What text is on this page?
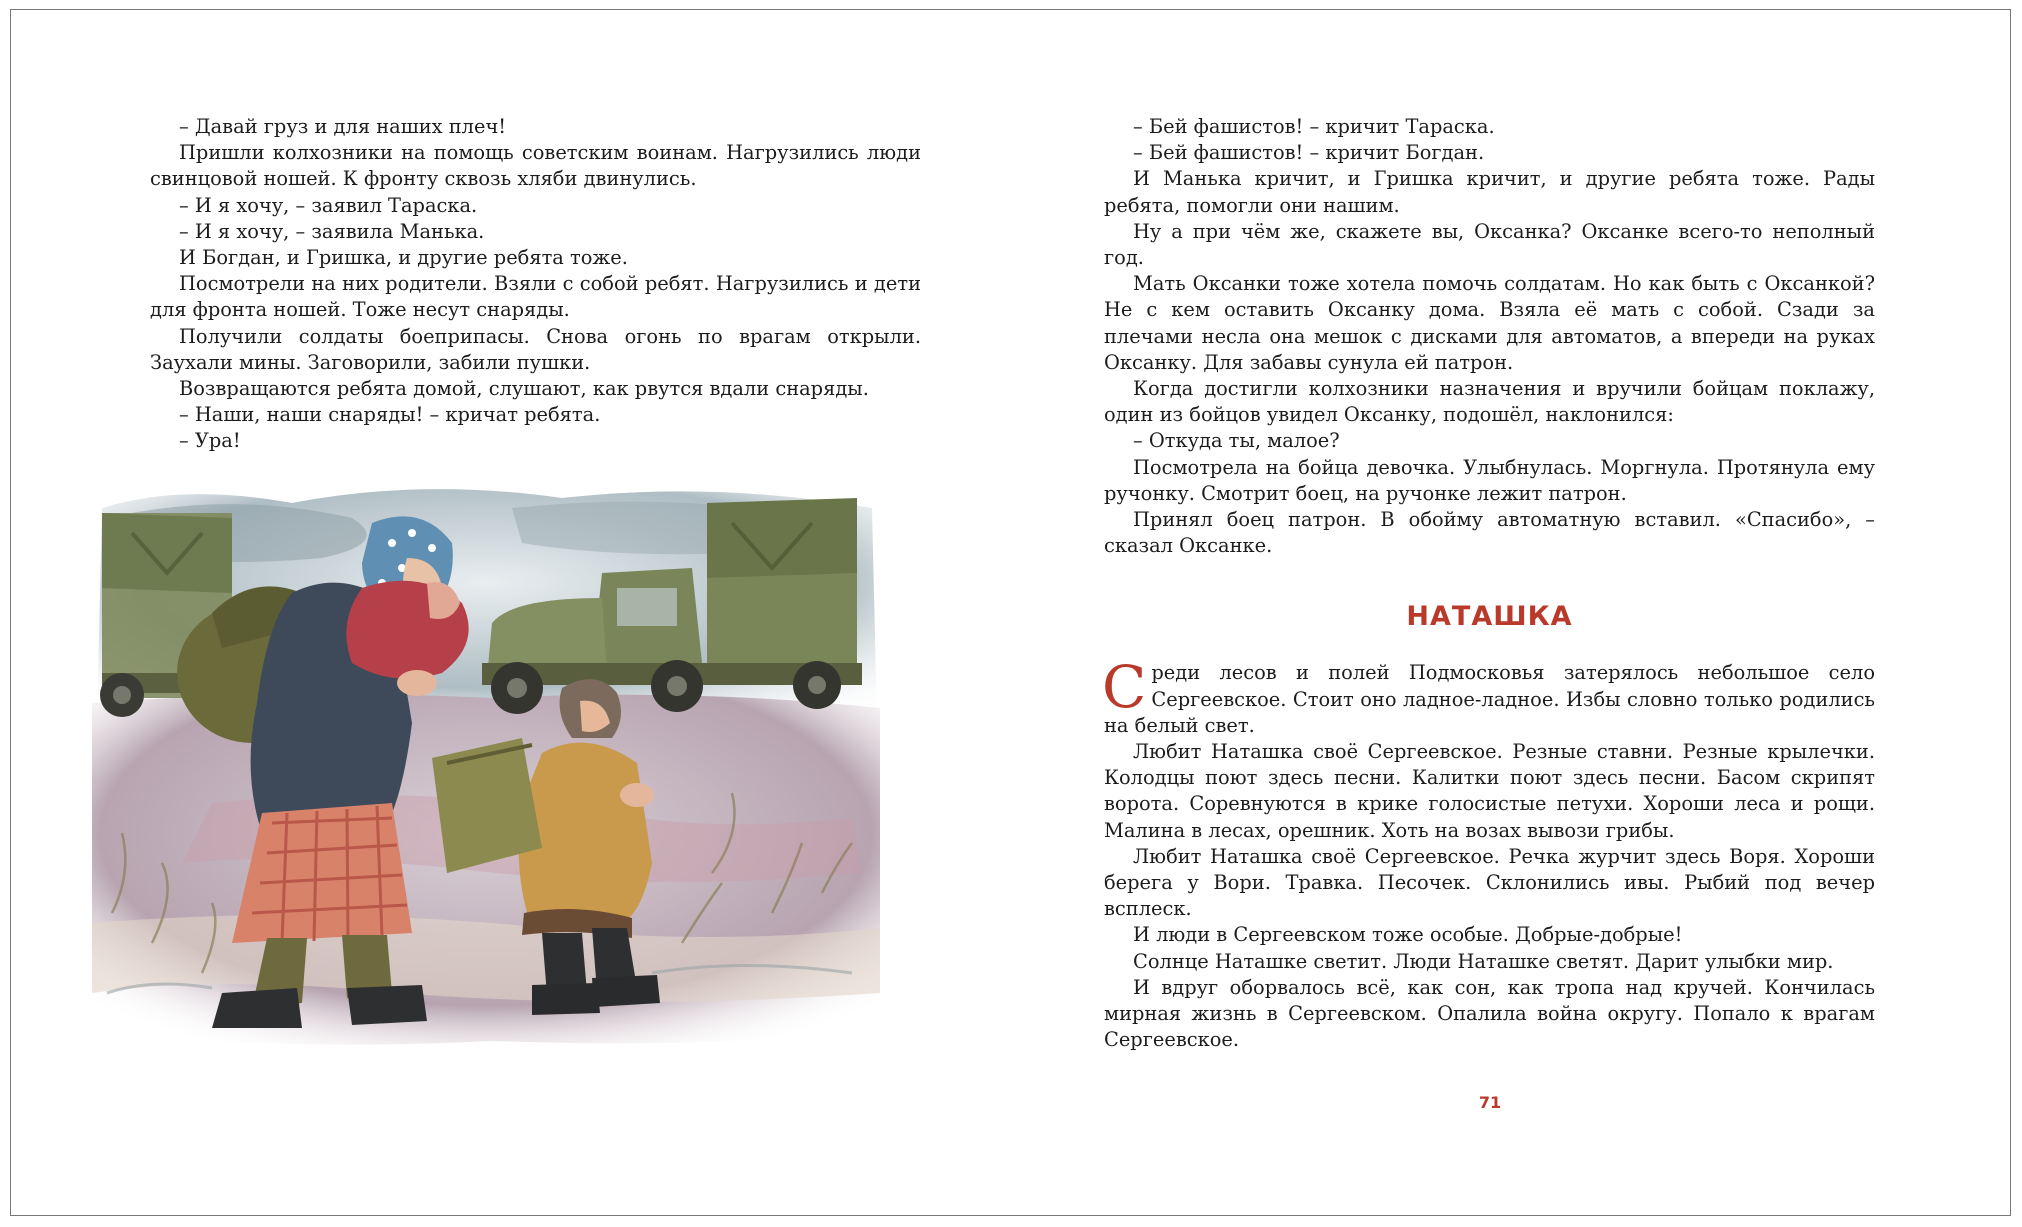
– Давай груз и для наших плеч!

Пришли колхозники на помощь советским воинам. Нагрузились люди свинцовой ношей. К фронту сквозь хляби двинулись.

– И я хочу, – заявил Тараска.

– И я хочу, – заявила Манька.

И Богдан, и Гришка, и другие ребята тоже.

Посмотрели на них родители. Взяли с собой ребят. Нагрузились и дети для фронта ношей. Тоже несут снаряды.

Получили солдаты боеприпасы. Снова огонь по врагам открыли. Заухали мины. Заговорили, забили пушки.

Возвращаются ребята домой, слушают, как рвутся вдали снаряды.

– Наши, наши снаряды! – кричат ребята.

– Ура!

– Бей фашистов! – кричит Тараска.

– Бей фашистов! – кричит Богдан.

И Манька кричит, и Гришка кричит, и другие ребята тоже. Рады ребята, помогли они нашим.

Ну а при чём же, скажете вы, Оксанка? Оксанке всего-то неполный год.

Мать Оксанки тоже хотела помочь солдатам. Но как быть с Оксанкой? Не с кем оставить Оксанку дома. Взяла её мать с собой. Сзади за плечами несла она мешок с дисками для автоматов, а впереди на руках Оксанку. Для забавы сунула ей патрон.

Когда достигли колхозники назначения и вручили бойцам поклажу, один из бойцов увидел Оксанку, подошёл, наклонился:

– Откуда ты, малое?

Посмотрела на бойца девочка. Улыбнулась. Моргнула. Протянула ему ручонку. Смотрит боец, на ручонке лежит патрон.

Принял боец патрон. В обойму автоматную вставил. «Спасибо», – сказал Оксанке.

НАТАШКА

Среди лесов и полей Подмосковья затерялось небольшое село Сергеевское. Стоит оно ладное-ладное. Избы словно только родились на белый свет.

Любит Наташка своё Сергеевское. Резные ставни. Резные крылечки. Колодцы поют здесь песни. Калитки поют здесь песни. Басом скрипят ворота. Соревнуются в крике голосистые петухи. Хороши леса и рощи. Малина в лесах, орешник. Хоть на возах вывози грибы.

Любит Наташка своё Сергеевское. Речка журчит здесь Воря. Хороши берега у Вори. Травка. Песочек. Склонились ивы. Рыбий под вечер всплеск.

И люди в Сергеевском тоже особые. Добрые-добрые!

Солнце Наташке светит. Люди Наташке светят. Дарит улыбки мир.

И вдруг оборвалось всё, как сон, как тропа над кручей. Кончилась мирная жизнь в Сергеевском. Опалила война округу. Попало к врагам Сергеевское.

71
